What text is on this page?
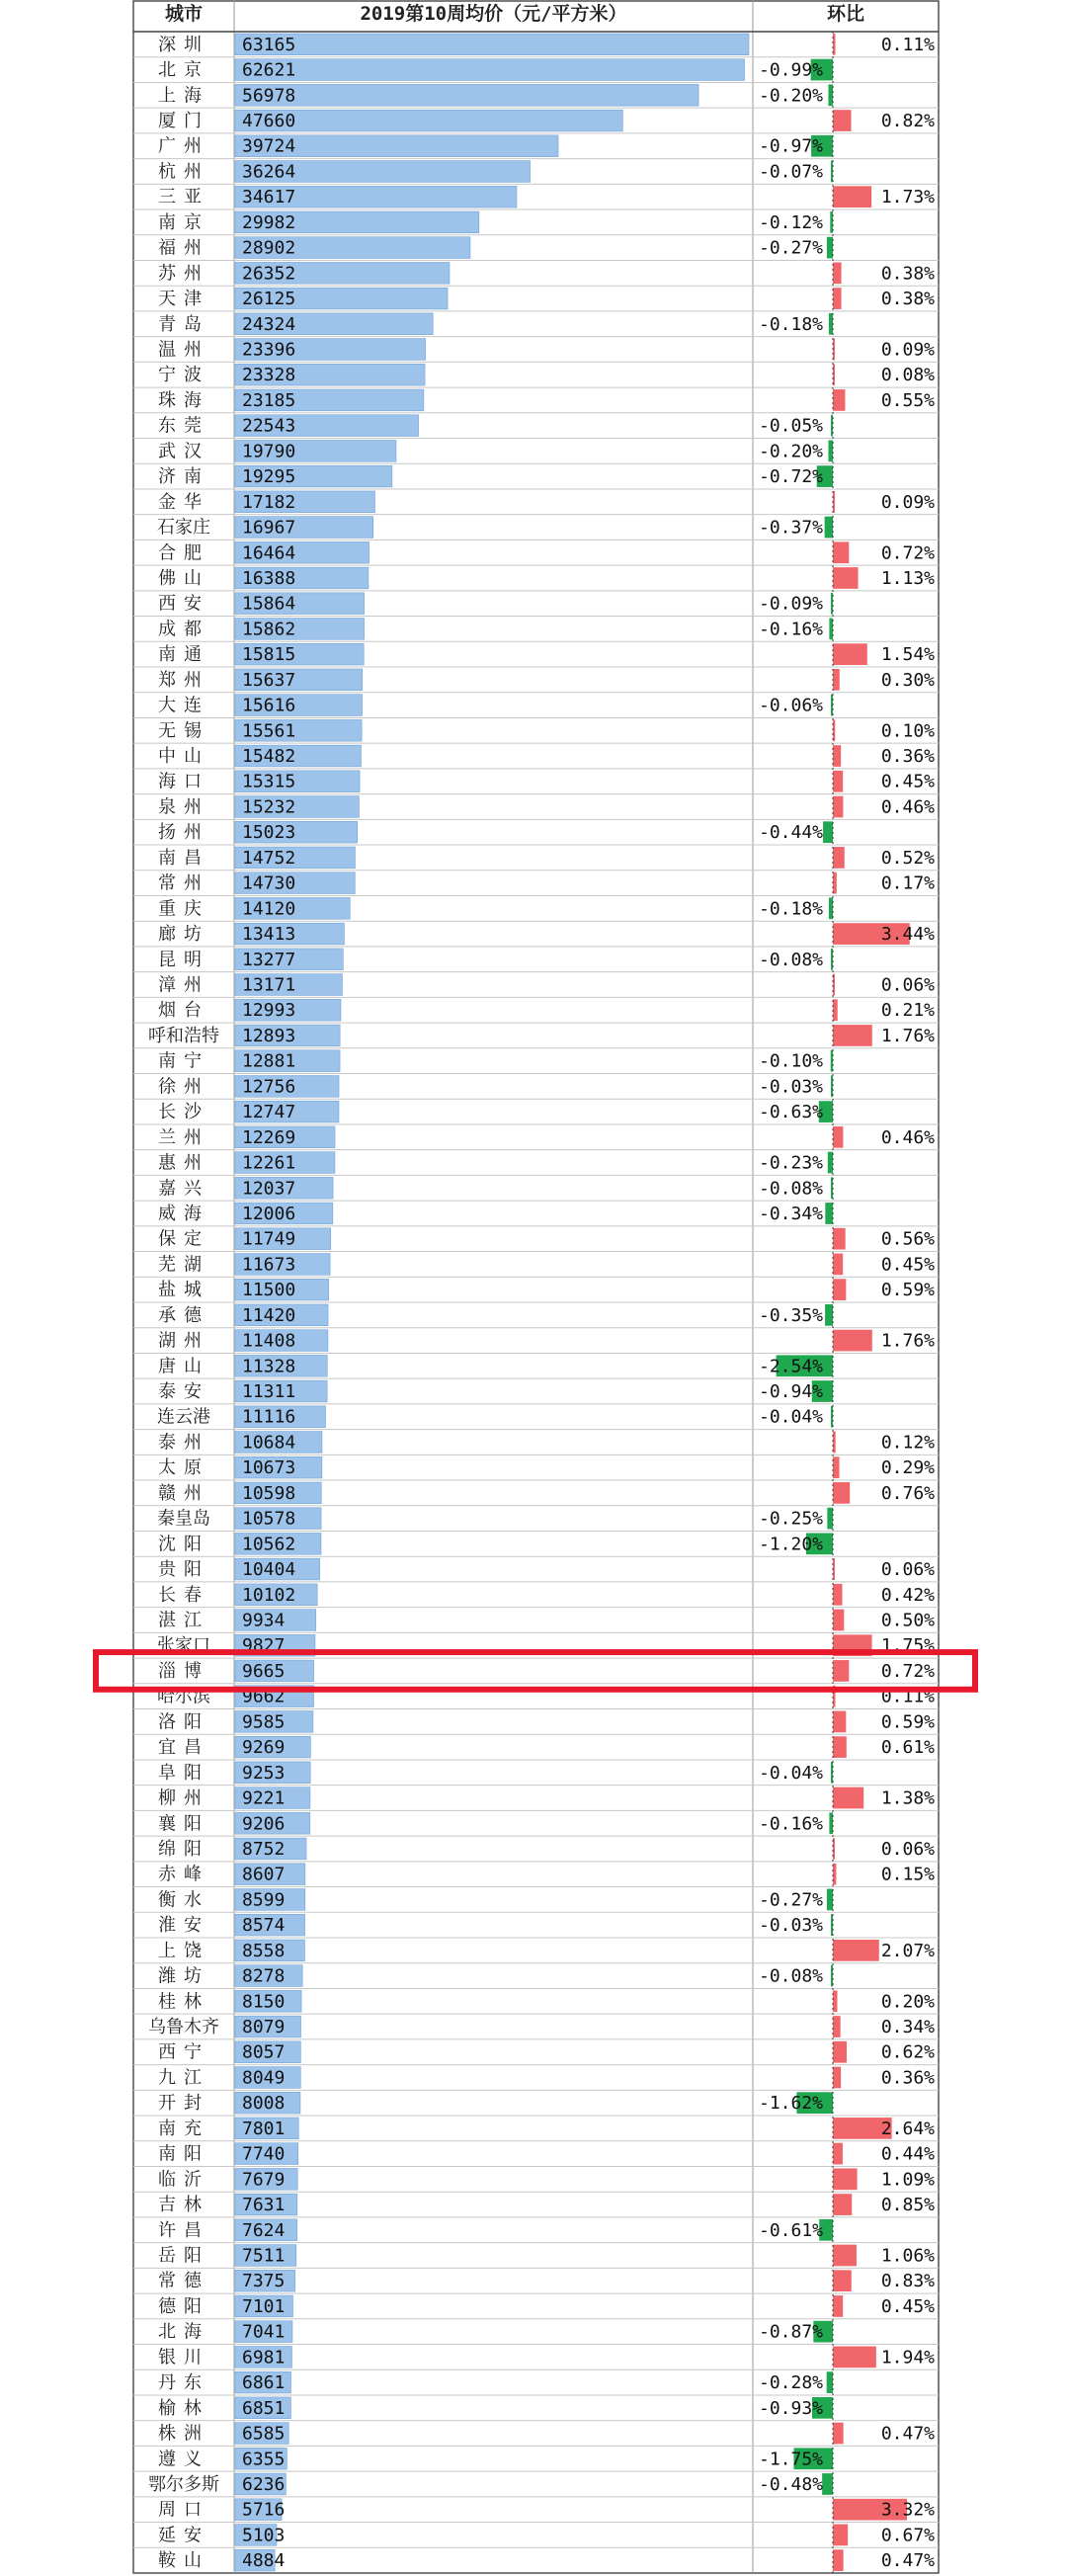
城市	2019第10周均价（元/平方米）	环比
深圳 63165	0.11%
北京 62621	-0.99%
上海 56978	-0.20%
厦门 47660	0.82%
广州 39724	-0.97%
杭州 36264	-0.07%
三亚 34617	1.73%
南京 29982	-0.12%
福州 28902	-0.27%
苏州 26352	0.38%
天津 26125	0.38%
青岛 24324	-0.18%
温州 23396	0.09%
宁波 23328	0.08%
珠海 23185	0.55%
东莞 22543	-0.05%
武汉 19790	-0.20%
济南 19295	-0.72%
金华 17182	0.09%
石家庄 16967	-0.37%
合肥 16464	0.72%
佛山 16388	1.13%
西安 15864	-0.09%
成都 15862	-0.16%
南通 15815	1.54%
郑州 15637	0.30%
大连 15616	-0.06%
无锡 15561	0.10%
中山 15482	0.36%
海口 15315	0.45%
泉州 15232	0.46%
扬州 15023	-0.44%
南昌 14752	0.52%
常州 14730	0.17%
重庆 14120	-0.18%
廊坊 13413	3.44%
昆明 13277	-0.08%
漳州 13171	0.06%
烟台 12993	0.21%
呼和浩特 12893	1.76%
南宁 12881	-0.10%
徐州 12756	-0.03%
长沙 12747	-0.63%
兰州 12269	0.46%
惠州 12261	-0.23%
嘉兴 12037	-0.08%
威海 12006	-0.34%
保定 11749	0.56%
芜湖 11673	0.45%
盐城 11500	0.59%
承德 11420	-0.35%
湖州 11408	1.76%
唐山 11328	-2.54%
泰安 11311	-0.94%
连云港 11116	-0.04%
泰州 10684	0.12%
太原 10673	0.29%
赣州 10598	0.76%
秦皇岛 10578	-0.25%
沈阳 10562	-1.20%
贵阳 10404	0.06%
长春 10102	0.42%
湛江 9934	0.50%
张家口 9827	1.75%
淄博 9665	0.72%
哈尔滨 9662	0.11%
洛阳 9585	0.59%
宜昌 9269	0.61%
阜阳 9253	-0.04%
柳州 9221	1.38%
襄阳 9206	-0.16%
绵阳 8752	0.06%
赤峰 8607	0.15%
衡水 8599	-0.27%
淮安 8574	-0.03%
上饶 8558	2.07%
潍坊 8278	-0.08%
桂林 8150	0.20%
乌鲁木齐 8079	0.34%
西宁 8057	0.62%
九江 8049	0.36%
开封 8008	-1.62%
南充 7801	2.64%
南阳 7740	0.44%
临沂 7679	1.09%
吉林 7631	0.85%
许昌 7624	-0.61%
岳阳 7511	1.06%
常德 7375	0.83%
德阳 7101	0.45%
北海 7041	-0.87%
银川 6981	1.94%
丹东 6861	-0.28%
榆林 6851	-0.93%
株洲 6585	0.47%
遵义 6355	-1.75%
鄂尔多斯 6236	-0.48%
周口 5716	3.32%
延安 5103	0.67%
鞍山 4884	0.47%
